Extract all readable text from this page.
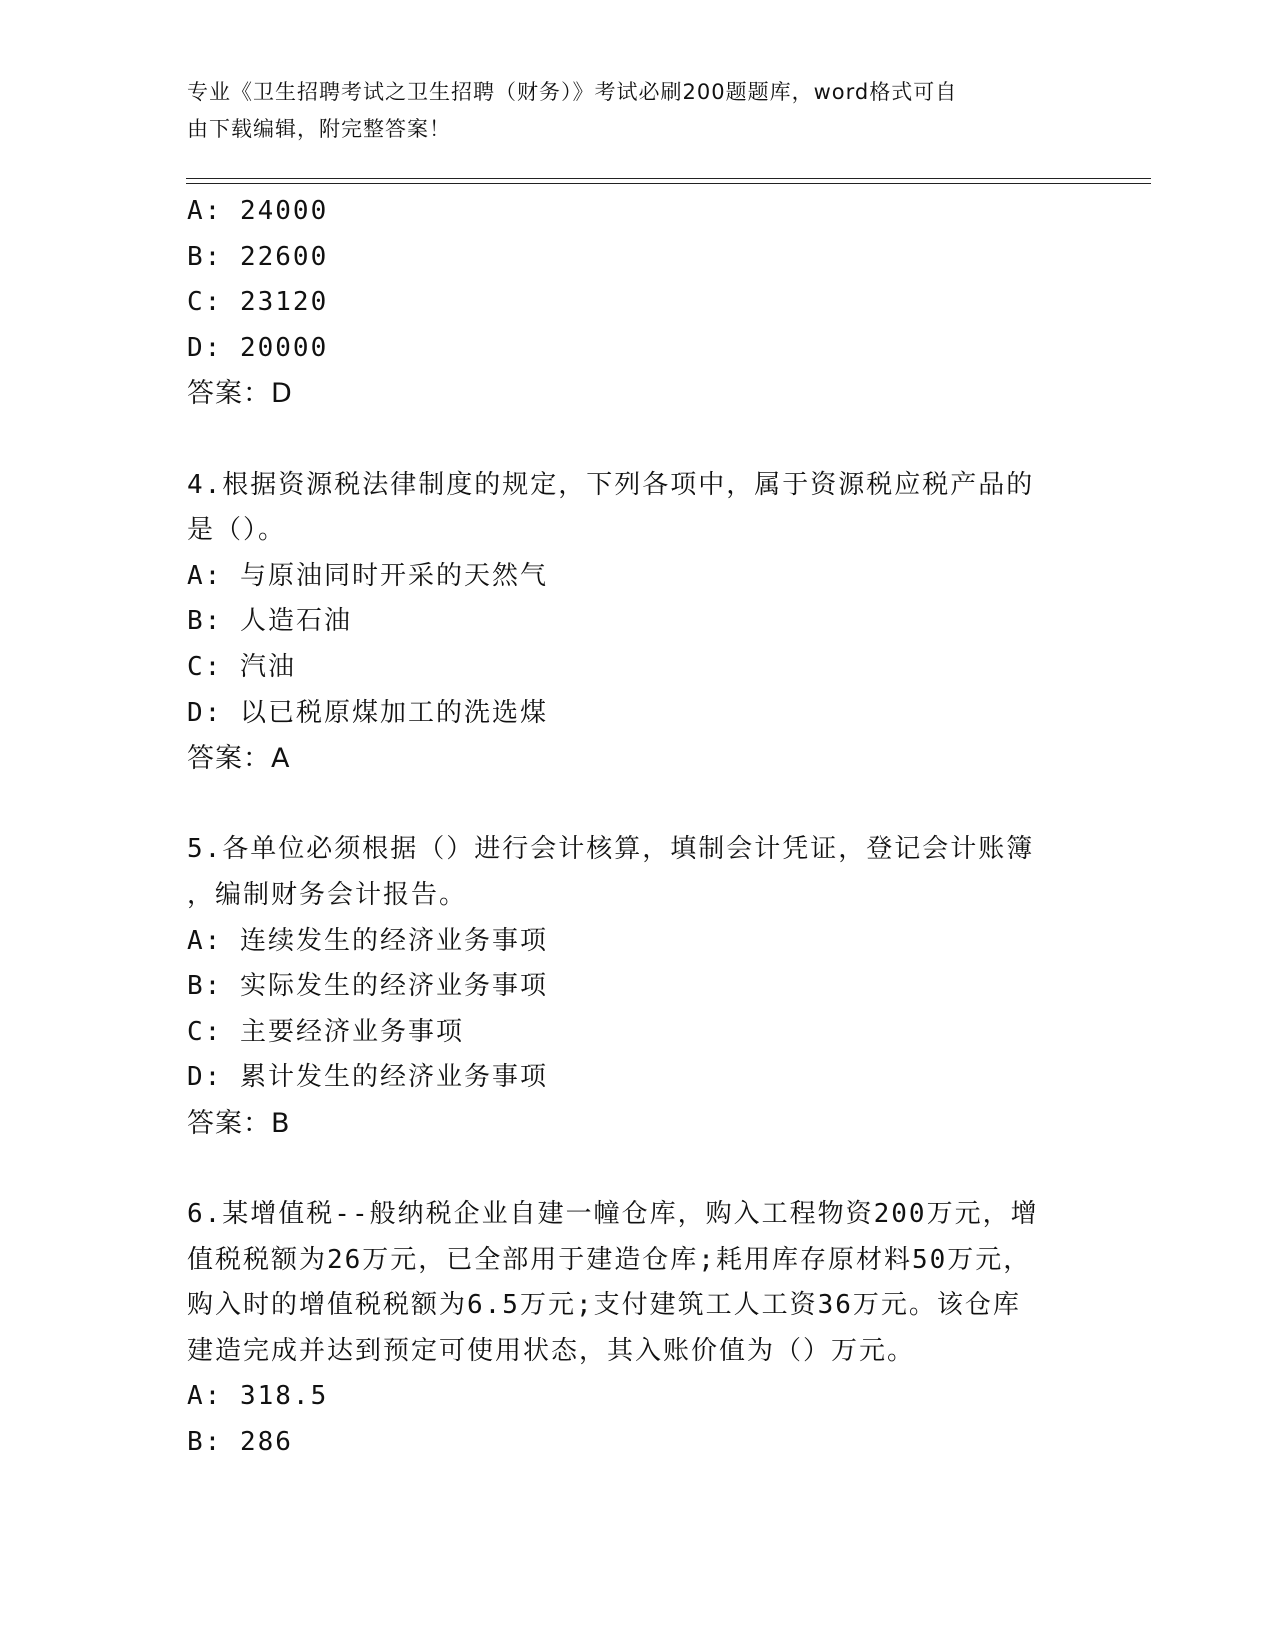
专业《卫生招聘考试之卫生招聘（财务）》考试必刷200题题库，word格式可自
由下载编辑，附完整答案！
A: 24000
B: 22600
C: 23120
D: 20000
答案：D
4.根据资源税法律制度的规定，下列各项中，属于资源税应税产品的
是（）。
A: 与原油同时开采的天然气
B: 人造石油
C: 汽油
D: 以已税原煤加工的洗选煤
答案：A
5.各单位必须根据（）进行会计核算，填制会计凭证，登记会计账簿
，编制财务会计报告。
A: 连续发生的经济业务事项
B: 实际发生的经济业务事项
C: 主要经济业务事项
D: 累计发生的经济业务事项
答案：B
6.某增值税--般纳税企业自建一幢仓库，购入工程物资200万元，增
值税税额为26万元，已全部用于建造仓库;耗用库存原材料50万元，
购入时的增值税税额为6.5万元;支付建筑工人工资36万元。该仓库
建造完成并达到预定可使用状态，其入账价值为（）万元。
A: 318.5
B: 286
